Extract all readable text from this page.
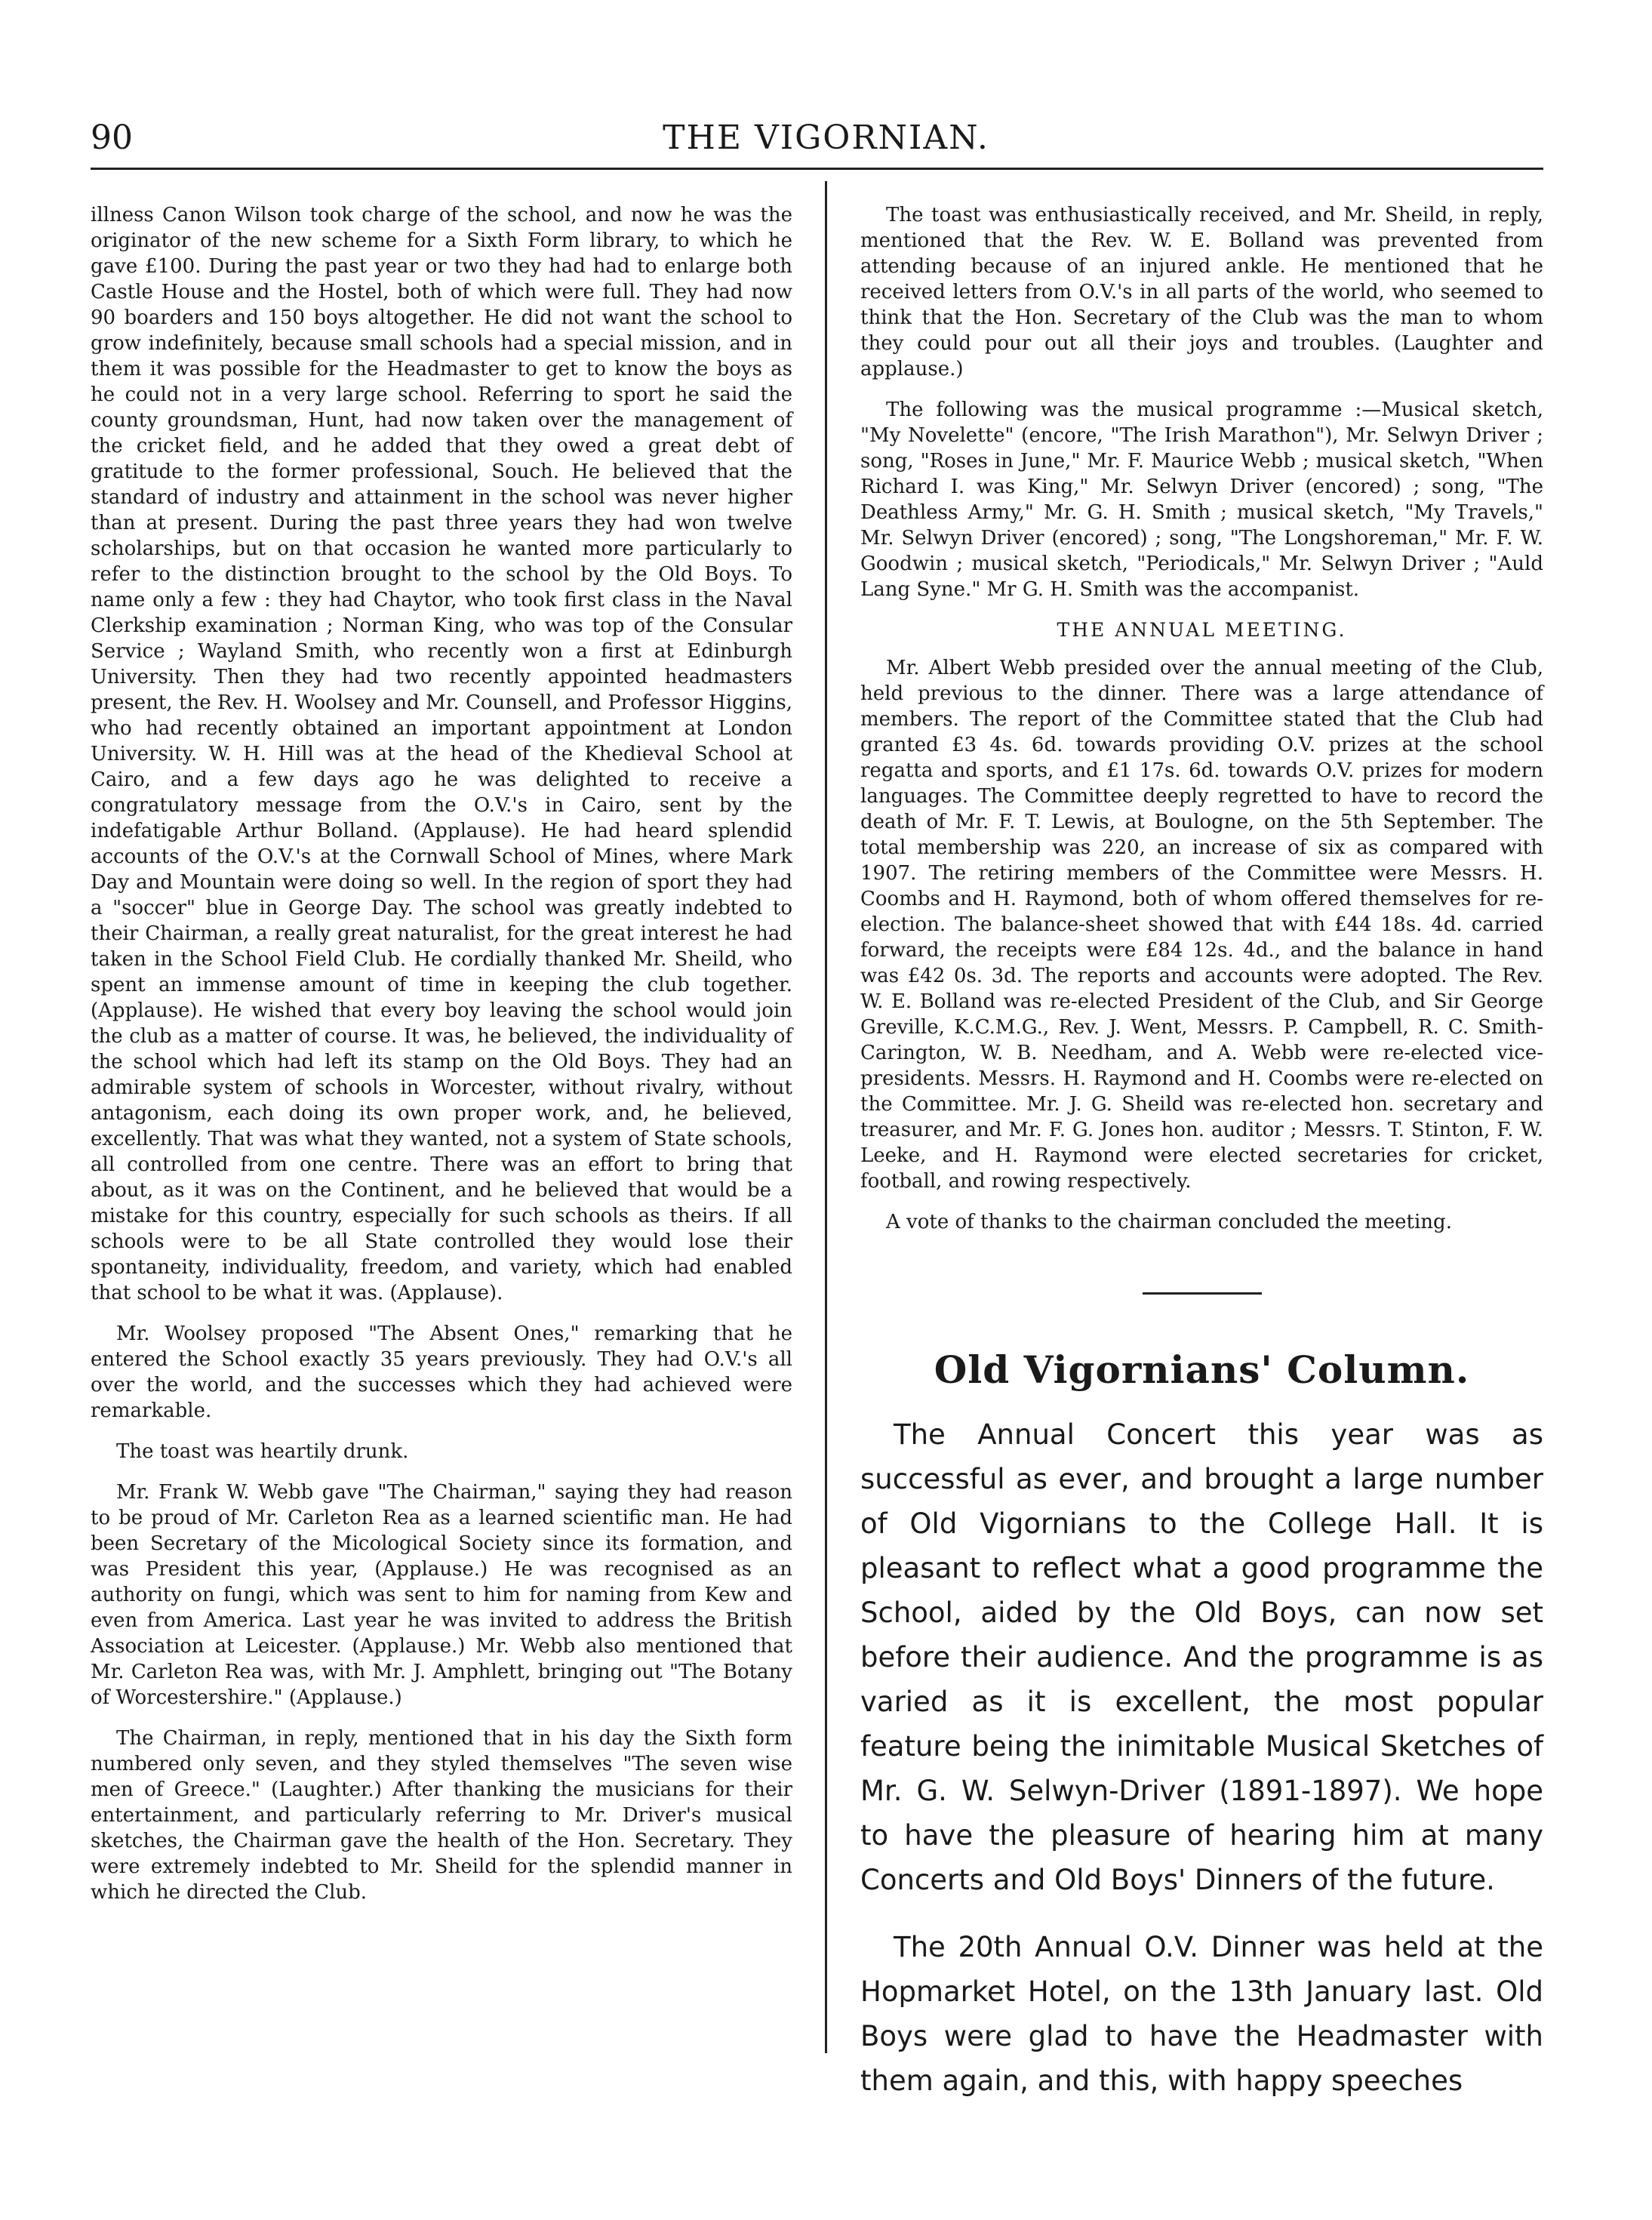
90	THE VIGORNIAN.

illness Canon Wilson took charge of the school, and now he was the originator of the new scheme for a Sixth Form library, to which he gave £100. During the past year or two they had had to enlarge both Castle House and the Hostel, both of which were full. They had now 90 boarders and 150 boys altogether. He did not want the school to grow indefinitely, because small schools had a special mission, and in them it was possible for the Headmaster to get to know the boys as he could not in a very large school. Referring to sport he said the county groundsman, Hunt, had now taken over the management of the cricket field, and he added that they owed a great debt of gratitude to the former professional, Souch. He believed that the standard of industry and attainment in the school was never higher than at present. During the past three years they had won twelve scholarships, but on that occasion he wanted more particularly to refer to the distinction brought to the school by the Old Boys. To name only a few : they had Chaytor, who took first class in the Naval Clerkship examination ; Norman King, who was top of the Consular Service ; Wayland Smith, who recently won a first at Edinburgh University. Then they had two recently appointed headmasters present, the Rev. H. Woolsey and Mr. Counsell, and Professor Higgins, who had recently obtained an important appointment at London University. W. H. Hill was at the head of the Khedieval School at Cairo, and a few days ago he was delighted to receive a congratulatory message from the O.V.'s in Cairo, sent by the indefatigable Arthur Bolland. (Applause). He had heard splendid accounts of the O.V.'s at the Cornwall School of Mines, where Mark Day and Mountain were doing so well. In the region of sport they had a "soccer" blue in George Day. The school was greatly indebted to their Chairman, a really great naturalist, for the great interest he had taken in the School Field Club. He cordially thanked Mr. Sheild, who spent an immense amount of time in keeping the club together. (Applause). He wished that every boy leaving the school would join the club as a matter of course. It was, he believed, the individuality of the school which had left its stamp on the Old Boys. They had an admirable system of schools in Worcester, without rivalry, without antagonism, each doing its own proper work, and, he believed, excellently. That was what they wanted, not a system of State schools, all controlled from one centre. There was an effort to bring that about, as it was on the Continent, and he believed that would be a mistake for this country, especially for such schools as theirs. If all schools were to be all State controlled they would lose their spontaneity, individuality, freedom, and variety, which had enabled that school to be what it was. (Applause).

Mr. Woolsey proposed "The Absent Ones," remarking that he entered the School exactly 35 years previously. They had O.V.'s all over the world, and the successes which they had achieved were remarkable.

The toast was heartily drunk.

Mr. Frank W. Webb gave "The Chairman," saying they had reason to be proud of Mr. Carleton Rea as a learned scientific man. He had been Secretary of the Micological Society since its formation, and was President this year, (Applause.) He was recognised as an authority on fungi, which was sent to him for naming from Kew and even from America. Last year he was invited to address the British Association at Leicester. (Applause.) Mr. Webb also mentioned that Mr. Carleton Rea was, with Mr. J. Amphlett, bringing out "The Botany of Worcestershire." (Applause.)

The Chairman, in reply, mentioned that in his day the Sixth form numbered only seven, and they styled themselves "The seven wise men of Greece." (Laughter.) After thanking the musicians for their entertainment, and particularly referring to Mr. Driver's musical sketches, the Chairman gave the health of the Hon. Secretary. They were extremely indebted to Mr. Sheild for the splendid manner in which he directed the Club.

The toast was enthusiastically received, and Mr. Sheild, in reply, mentioned that the Rev. W. E. Bolland was prevented from attending because of an injured ankle. He mentioned that he received letters from O.V.'s in all parts of the world, who seemed to think that the Hon. Secretary of the Club was the man to whom they could pour out all their joys and troubles. (Laughter and applause.)

The following was the musical programme :—Musical sketch, "My Novelette" (encore, "The Irish Marathon"), Mr. Selwyn Driver ; song, "Roses in June," Mr. F. Maurice Webb ; musical sketch, "When Richard I. was King," Mr. Selwyn Driver (encored) ; song, "The Deathless Army," Mr. G. H. Smith ; musical sketch, "My Travels," Mr. Selwyn Driver (encored) ; song, "The Longshoreman," Mr. F. W. Goodwin ; musical sketch, "Periodicals," Mr. Selwyn Driver ; "Auld Lang Syne." Mr G. H. Smith was the accompanist.

THE ANNUAL MEETING.

Mr. Albert Webb presided over the annual meeting of the Club, held previous to the dinner. There was a large attendance of members. The report of the Committee stated that the Club had granted £3 4s. 6d. towards providing O.V. prizes at the school regatta and sports, and £1 17s. 6d. towards O.V. prizes for modern languages. The Committee deeply regretted to have to record the death of Mr. F. T. Lewis, at Boulogne, on the 5th September. The total membership was 220, an increase of six as compared with 1907. The retiring members of the Committee were Messrs. H. Coombs and H. Raymond, both of whom offered themselves for re-election. The balance-sheet showed that with £44 18s. 4d. carried forward, the receipts were £84 12s. 4d., and the balance in hand was £42 0s. 3d. The reports and accounts were adopted. The Rev. W. E. Bolland was re-elected President of the Club, and Sir George Greville, K.C.M.G., Rev. J. Went, Messrs. P. Campbell, R. C. Smith-Carington, W. B. Needham, and A. Webb were re-elected vice-presidents. Messrs. H. Raymond and H. Coombs were re-elected on the Committee. Mr. J. G. Sheild was re-elected hon. secretary and treasurer, and Mr. F. G. Jones hon. auditor ; Messrs. T. Stinton, F. W. Leeke, and H. Raymond were elected secretaries for cricket, football, and rowing respectively.

A vote of thanks to the chairman concluded the meeting.

Old Vigornians' Column.

The Annual Concert this year was as successful as ever, and brought a large number of Old Vigornians to the College Hall. It is pleasant to reflect what a good programme the School, aided by the Old Boys, can now set before their audience. And the programme is as varied as it is excellent, the most popular feature being the inimitable Musical Sketches of Mr. G. W. Selwyn-Driver (1891-1897). We hope to have the pleasure of hearing him at many Concerts and Old Boys' Dinners of the future.

The 20th Annual O.V. Dinner was held at the Hopmarket Hotel, on the 13th January last. Old Boys were glad to have the Headmaster with them again, and this, with happy speeches
